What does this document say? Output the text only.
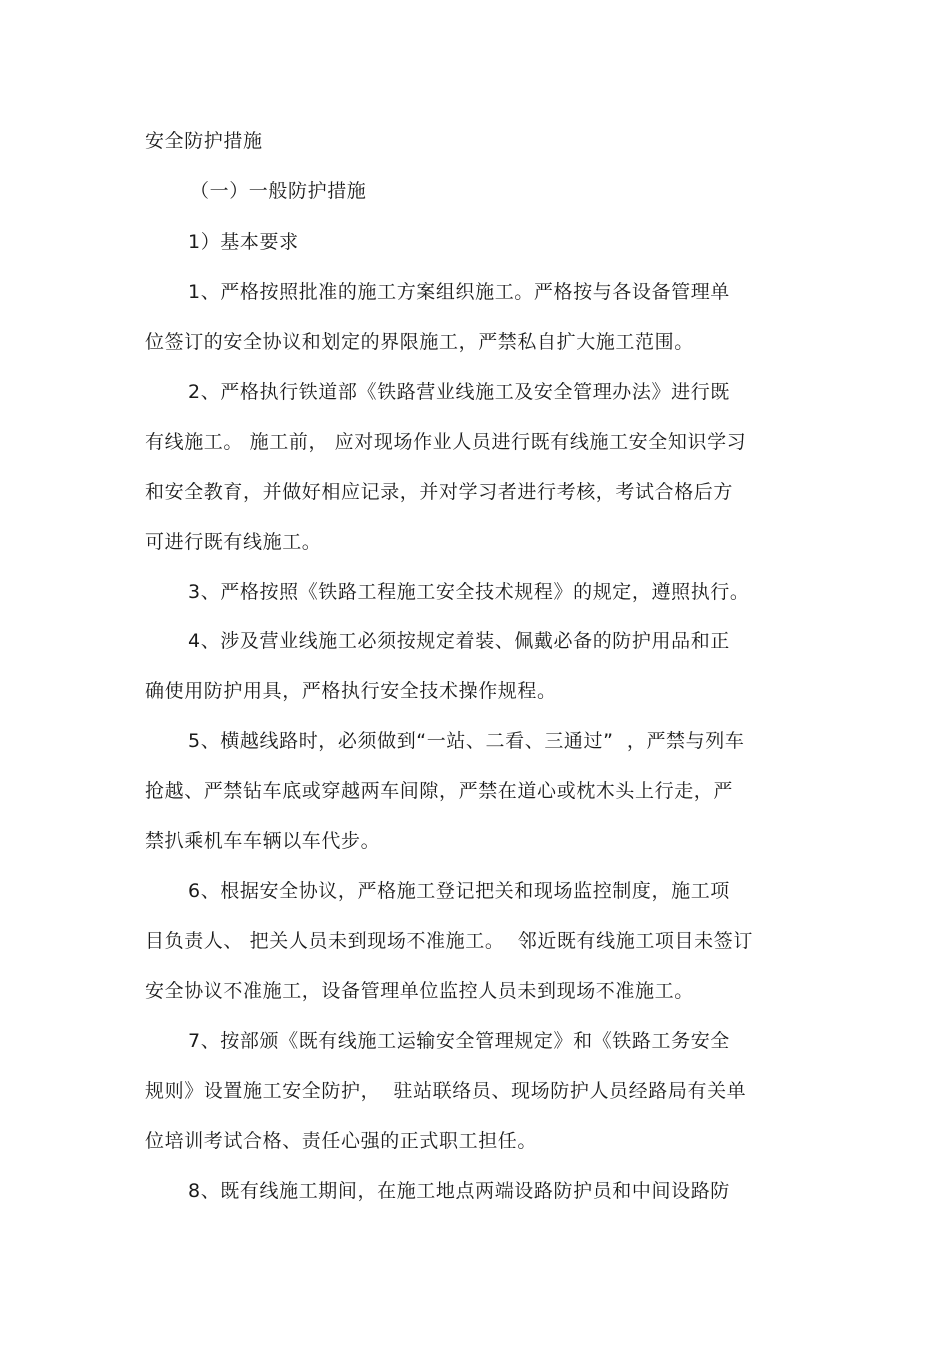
安全防护措施
（一）一般防护措施
1）基本要求
1、严格按照批准的施工方案组织施工。严格按与各设备管理单
位签订的安全协议和划定的界限施工，严禁私自扩大施工范围。
2、严格执行铁道部《铁路营业线施工及安全管理办法》进行既
有线施工。 施工前， 应对现场作业人员进行既有线施工安全知识学习
和安全教育，并做好相应记录，并对学习者进行考核，考试合格后方
可进行既有线施工。
3、严格按照《铁路工程施工安全技术规程》的规定，遵照执行。
4、涉及营业线施工必须按规定着装、佩戴必备的防护用品和正
确使用防护用具，严格执行安全技术操作规程。
5、横越线路时，必须做到“一站、二看、三通过”  ，严禁与列车
抢越、严禁钻车底或穿越两车间隙，严禁在道心或枕木头上行走，严
禁扒乘机车车辆以车代步。
6、根据安全协议，严格施工登记把关和现场监控制度，施工项
目负责人、 把关人员未到现场不准施工。  邻近既有线施工项目未签订
安全协议不准施工，设备管理单位监控人员未到现场不准施工。
7、按部颁《既有线施工运输安全管理规定》和《铁路工务安全
规则》设置施工安全防护，  驻站联络员、现场防护人员经路局有关单
位培训考试合格、责任心强的正式职工担任。
8、既有线施工期间，在施工地点两端设路防护员和中间设路防
